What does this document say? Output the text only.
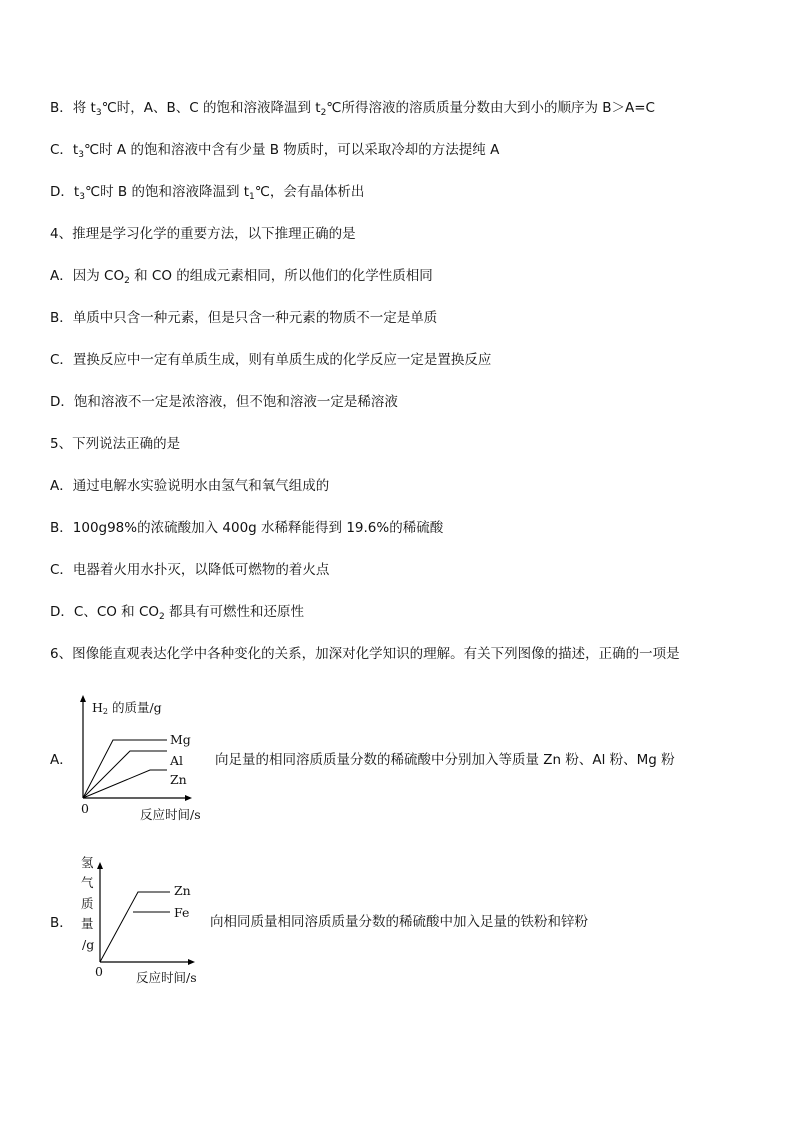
B．将 $t_3℃$时，A、B、C 的饱和溶液降温到 $t_2℃$所得溶液的溶质质量分数由大到小的顺序为 B＞A=C
C．$t_3℃$时 A 的饱和溶液中含有少量 B 物质时，可以采取冷却的方法提纯 A
D．$t_3℃$时 B 的饱和溶液降温到 $t_1℃$，会有晶体析出
4、推理是学习化学的重要方法，以下推理正确的是
A．因为 $CO_2$ 和 CO 的组成元素相同，所以他们的化学性质相同
B．单质中只含一种元素，但是只含一种元素的物质不一定是单质
C．置换反应中一定有单质生成，则有单质生成的化学反应一定是置换反应
D．饱和溶液不一定是浓溶液，但不饱和溶液一定是稀溶液
5、下列说法正确的是
A．通过电解水实验说明水由氢气和氧气组成的
B．100g98%的浓硫酸加入 400g 水稀释能得到 19.6%的稀硫酸
C．电器着火用水扑灭，以降低可燃物的着火点
D．C、CO 和 $CO_2$ 都具有可燃性和还原性
6、图像能直观表达化学中各种变化的关系，加深对化学知识的理解。有关下列图像的描述，正确的一项是
A．
H2 的质量/g
Mg
Al
Zn
0	反应时间/s
向足量的相同溶质质量分数的稀硫酸中分别加入等质量 Zn 粉、Al 粉、Mg 粉
B．
氢
气
质
量
/g
Zn
Fe
0	反应时间/s
向相同质量相同溶质质量分数的稀硫酸中加入足量的铁粉和锌粉
